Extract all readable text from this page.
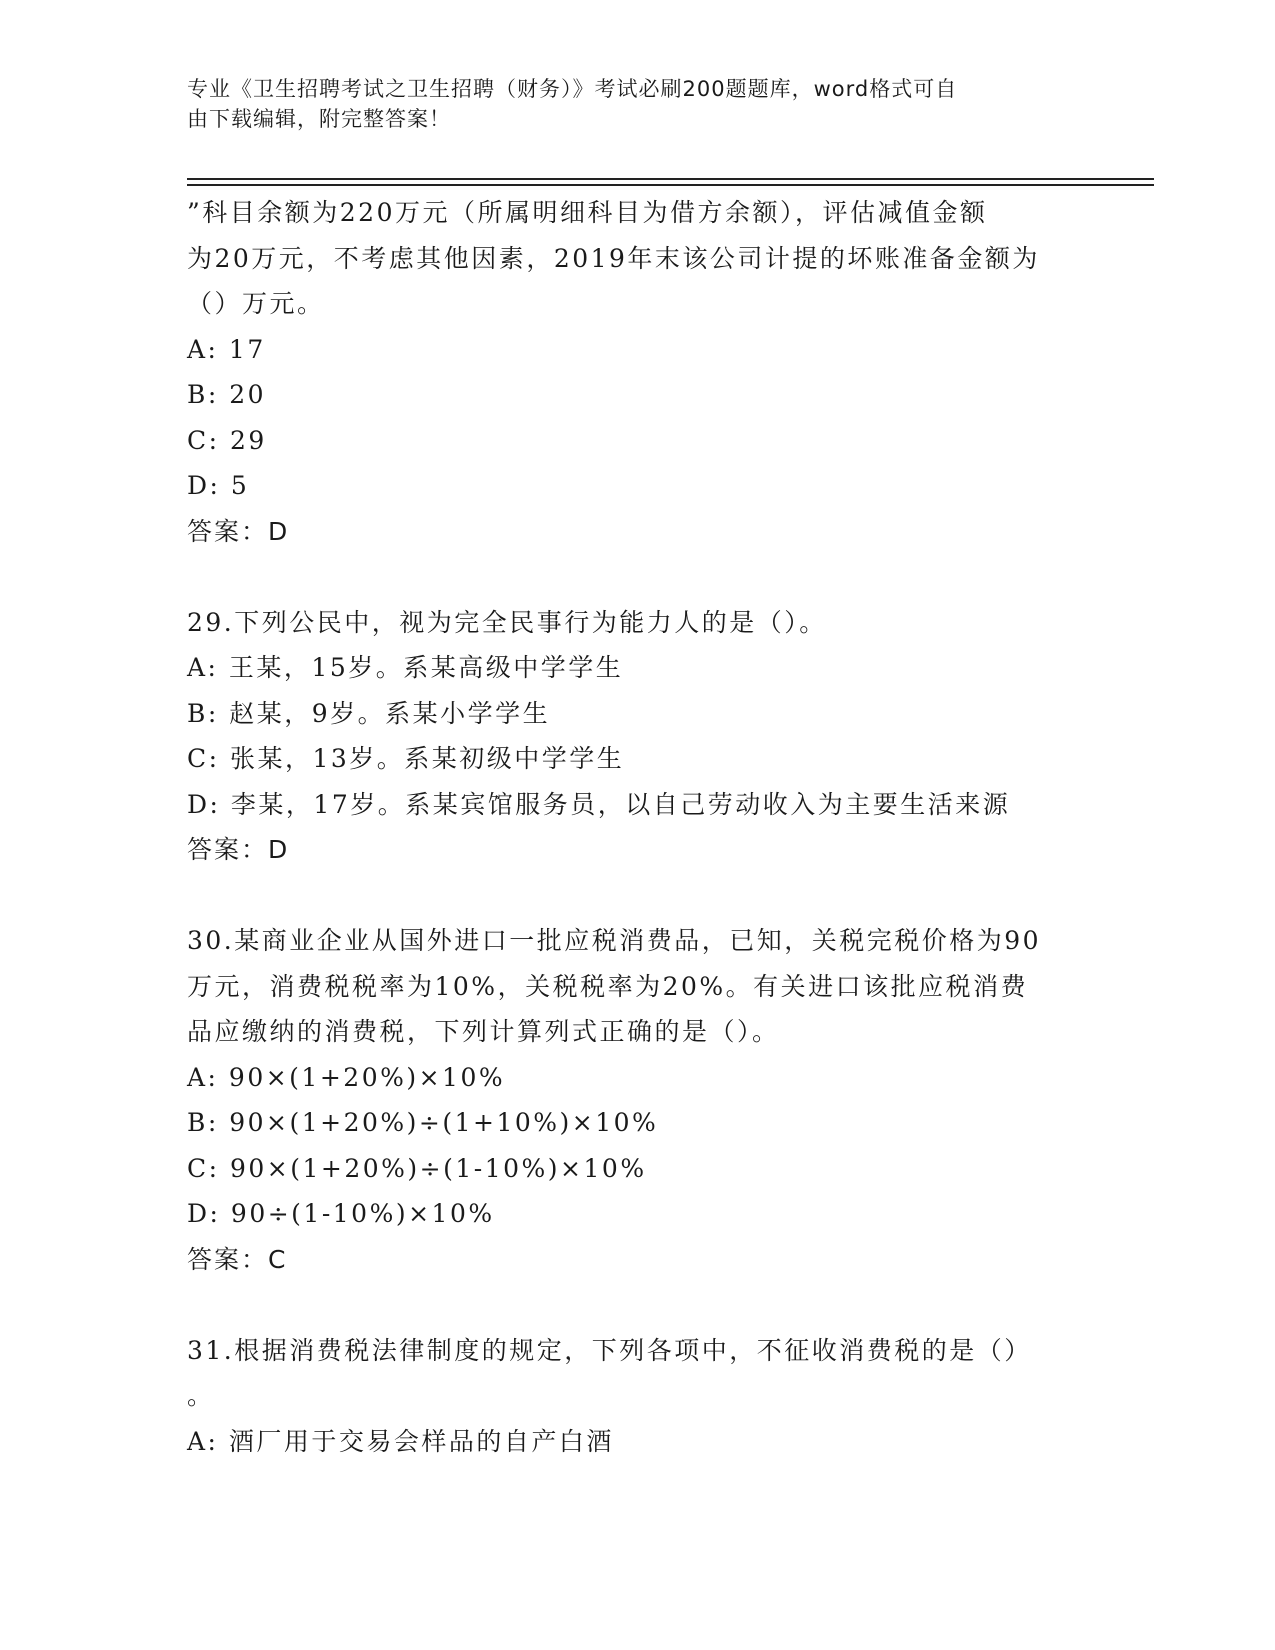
专业《卫生招聘考试之卫生招聘（财务）》考试必刷200题题库，word格式可自
由下载编辑，附完整答案！
”科目余额为220万元（所属明细科目为借方余额），评估减值金额
为20万元，不考虑其他因素，2019年末该公司计提的坏账准备金额为
（）万元。
A: 17
B: 20
C: 29
D: 5
答案：D
29.下列公民中，视为完全民事行为能力人的是（）。
A: 王某，15岁。系某高级中学学生
B: 赵某，9岁。系某小学学生
C: 张某，13岁。系某初级中学学生
D: 李某，17岁。系某宾馆服务员，以自己劳动收入为主要生活来源
答案：D
30.某商业企业从国外进口一批应税消费品，已知，关税完税价格为90
万元，消费税税率为10%，关税税率为20%。有关进口该批应税消费
品应缴纳的消费税，下列计算列式正确的是（）。
A: 90×(1+20%)×10%
B: 90×(1+20%)÷(1+10%)×10%
C: 90×(1+20%)÷(1-10%)×10%
D: 90÷(1-10%)×10%
答案：C
31.根据消费税法律制度的规定，下列各项中，不征收消费税的是（）
。
A: 酒厂用于交易会样品的自产白酒
